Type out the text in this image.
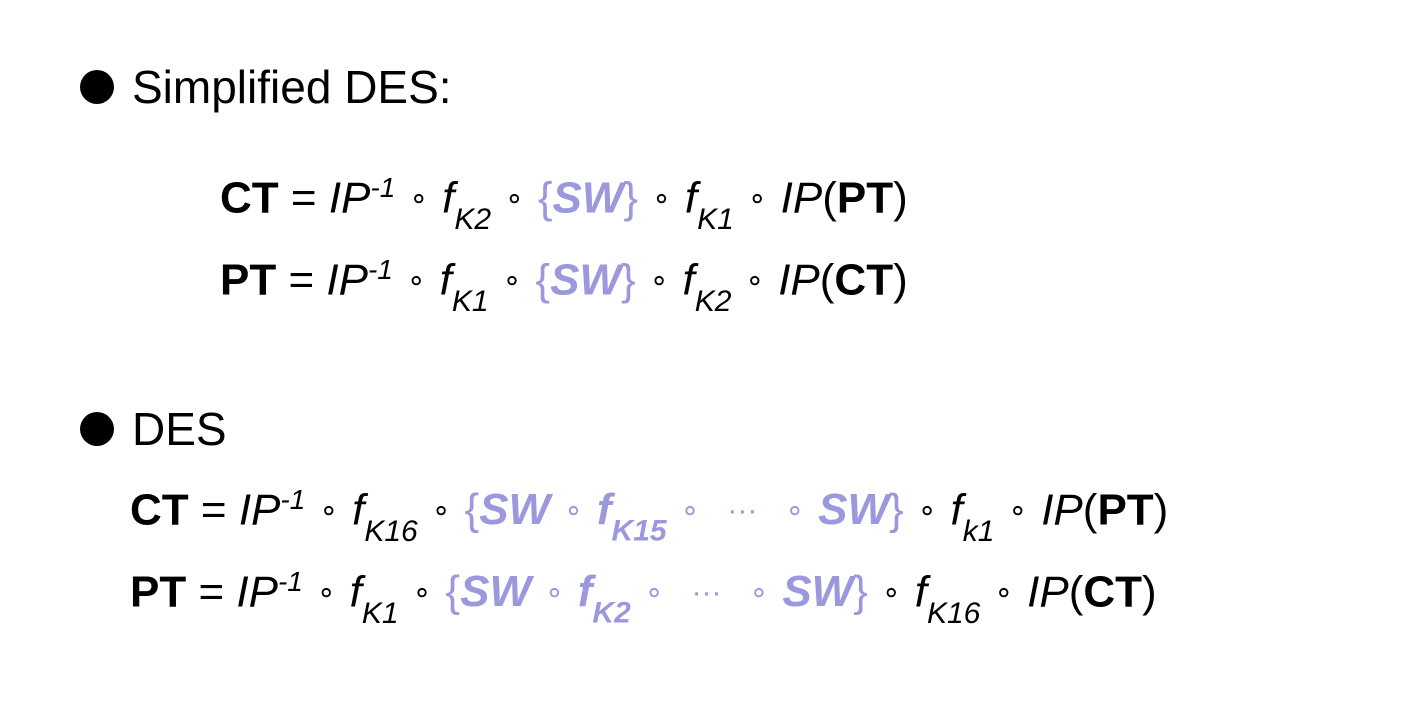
Simplified DES:
CT = $IP^{-1}$ ∘ $f_{K2}\circ$ {SW} ∘ $f_{K1}\circ$ IP(PT)
PT = $IP^{-1}$ ∘ $f_{K1}\circ$ {SW} ∘ $f_{K2}\circ$ IP(CT)
DES
CT = $IP^{-1}$ ∘ $f_{K16}\circ$ {SW ∘ $f_{K15}\circ$ ··· ∘ SW} ∘ $f_{k1}\circ$ IP(PT)
PT = $IP^{-1}$ ∘ $f_{K1}\circ$ {SW ∘ $f_{K2}\circ$ ··· ∘ SW} ∘ $f_{K16}\circ$ IP(CT)
